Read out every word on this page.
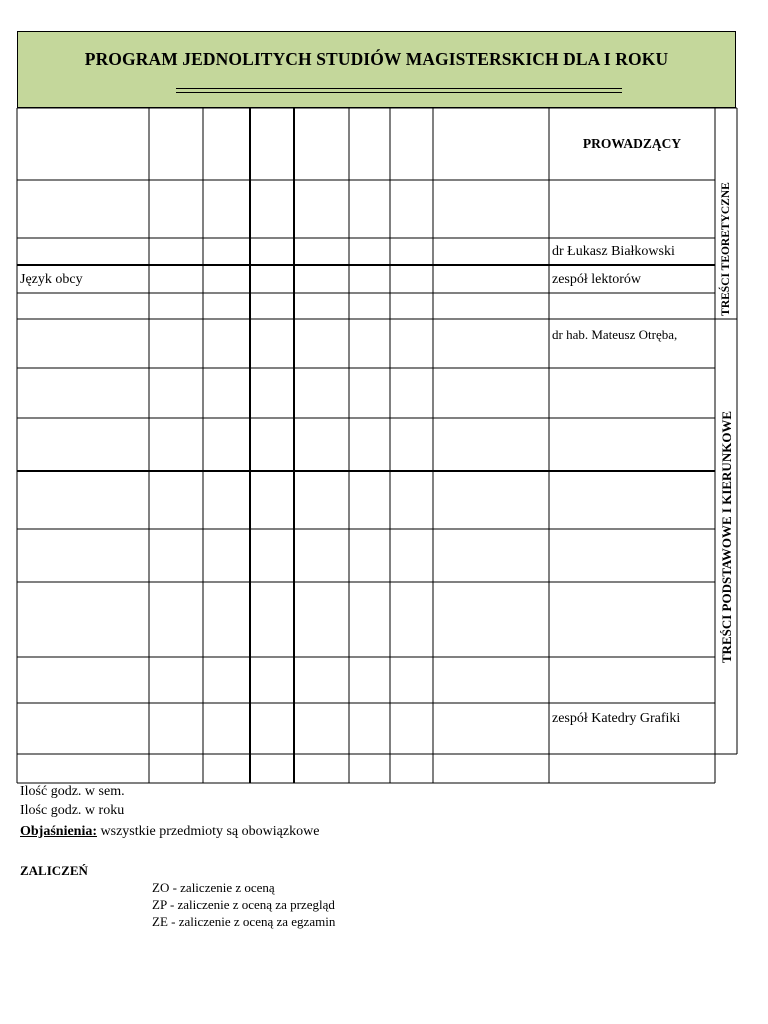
PROGRAM JEDNOLITYCH STUDIÓW MAGISTERSKICH DLA I ROKU
PROWADZĄCY
Język obcy
dr Łukasz Białkowski
zespół lektorów
dr hab. Mateusz Otręba,
zespół Katedry Grafiki
TREŚCI TEORETYCZNE
TREŚCI PODSTAWOWE I KIERUNKOWE
Ilość godz. w sem.
Ilośc godz. w roku
Objaśnienia: wszystkie przedmioty są obowiązkowe
ZALICZEŃ
ZO - zaliczenie z oceną
ZP - zaliczenie z oceną za przegląd
ZE - zaliczenie z oceną za egzamin
